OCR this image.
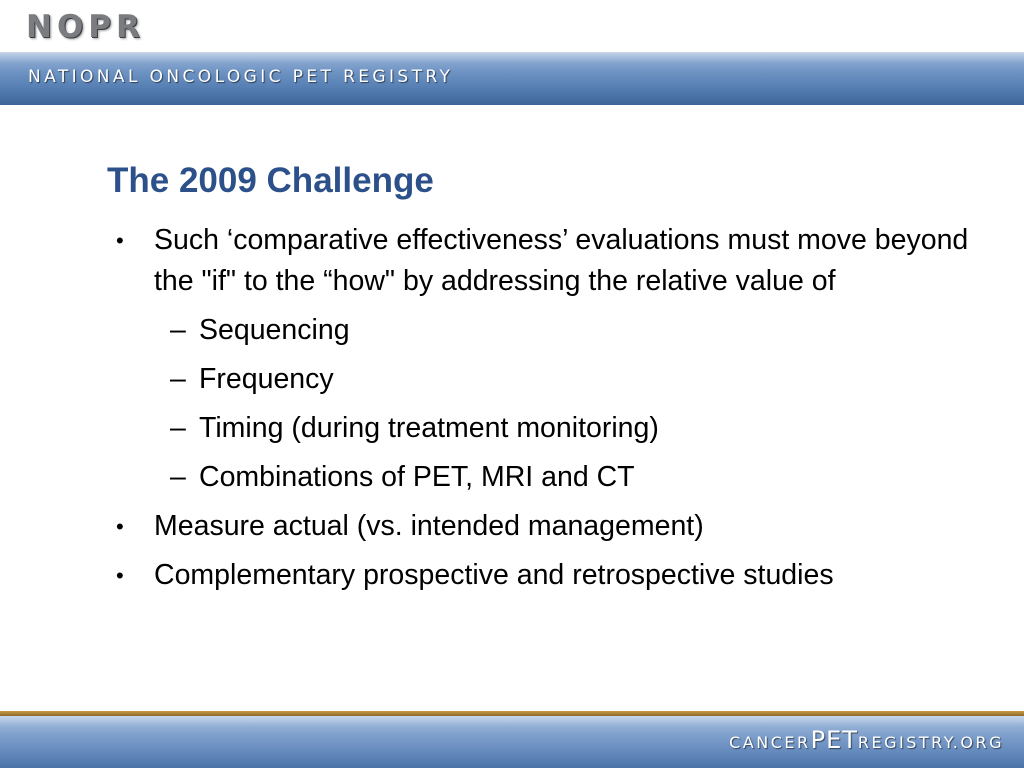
NOPR
NATIONAL ONCOLOGIC PET REGISTRY
The 2009 Challenge
• Such ‘comparative effectiveness’ evaluations must move beyond the "if" to the “how" by addressing the relative value of
– Sequencing
– Frequency
– Timing (during treatment monitoring)
– Combinations of PET, MRI and CT
• Measure actual (vs. intended management)
• Complementary prospective and retrospective studies
CANCERPETREGISTRY.ORG
